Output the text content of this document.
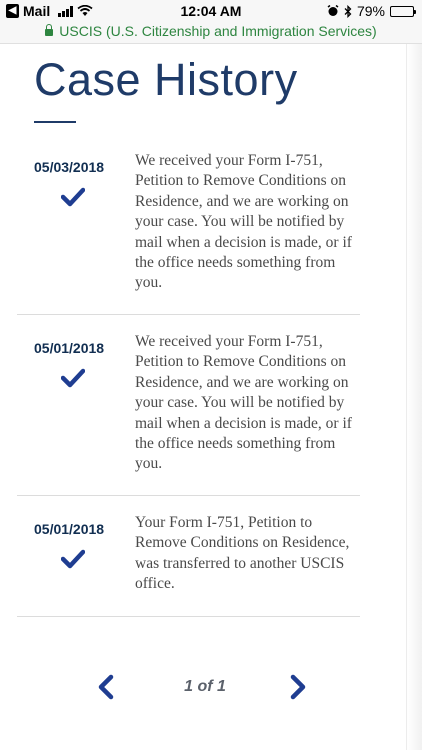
◀ Mail	12:04 AM	79%
USCIS (U.S. Citizenship and Immigration Services)
Case History
05/03/2018 We received your Form I-751, Petition to Remove Conditions on Residence, and we are working on your case. You will be notified by mail when a decision is made, or if the office needs something from you.
05/01/2018 We received your Form I-751, Petition to Remove Conditions on Residence, and we are working on your case. You will be notified by mail when a decision is made, or if the office needs something from you.
05/01/2018 Your Form I-751, Petition to Remove Conditions on Residence, was transferred to another USCIS office.
1 of 1
